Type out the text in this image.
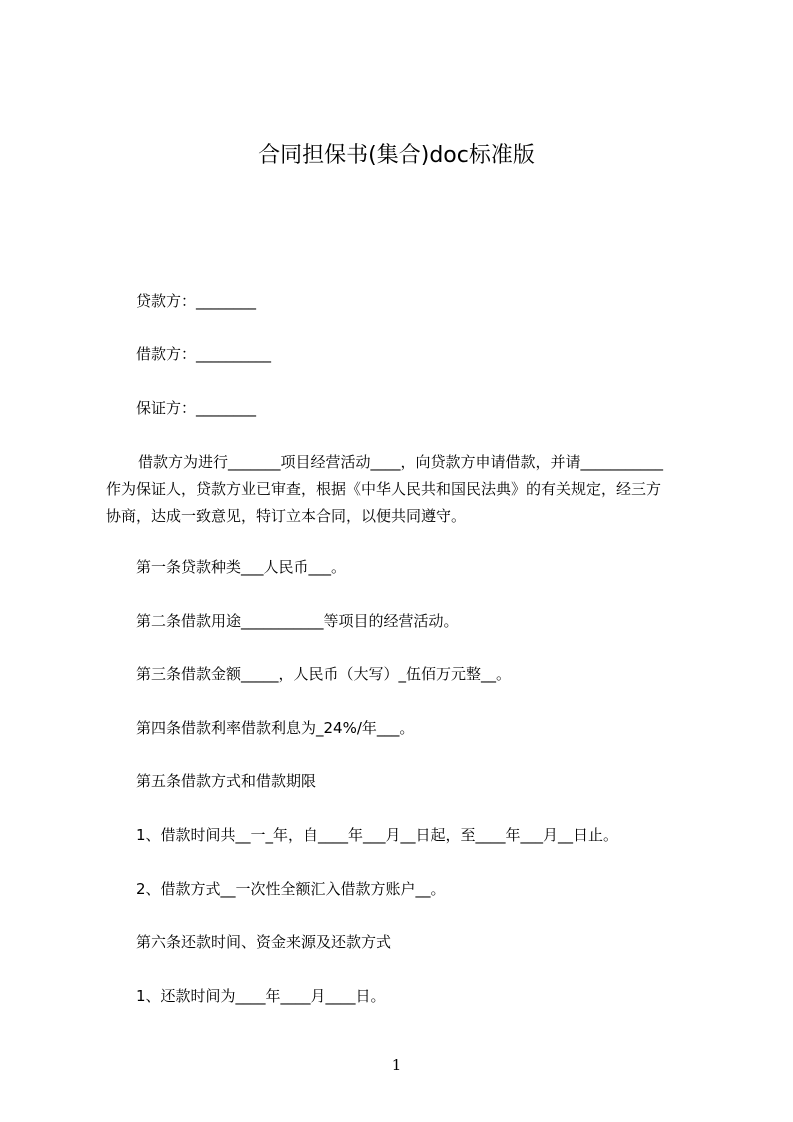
合同担保书(集合)doc标准版
贷款方：________
借款方：__________
保证方：________
借款方为进行_______项目经营活动____，向贷款方申请借款，并请___________
作为保证人，贷款方业已审查，根据《中华人民共和国民法典》的有关规定，经三方
协商，达成一致意见，特订立本合同，以便共同遵守。
第一条贷款种类___人民币___。
第二条借款用途___________等项目的经营活动。
第三条借款金额_____，人民币（大写）_伍佰万元整__。
第四条借款利率借款利息为_24%/年___。
第五条借款方式和借款期限
1、借款时间共__一_年，自____年___月__日起，至____年___月__日止。
2、借款方式__一次性全额汇入借款方账户__。
第六条还款时间、资金来源及还款方式
1、还款时间为____年____月____日。
1
